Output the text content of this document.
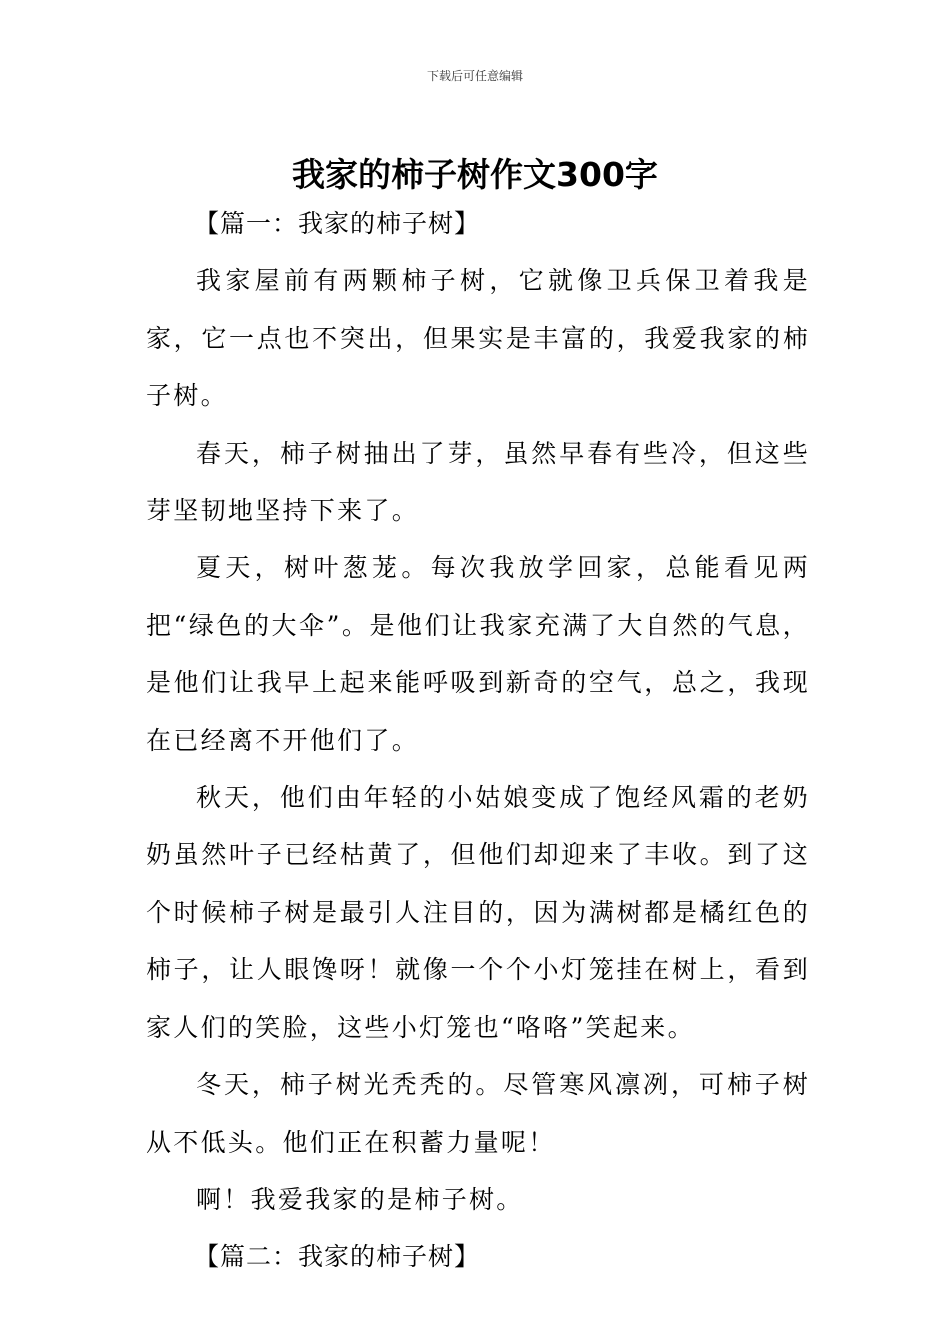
下载后可任意编辑
我家的柿子树作文300字

【篇一：我家的柿子树】

我家屋前有两颗柿子树，它就像卫兵保卫着我是家，它一点也不突出，但果实是丰富的，我爱我家的柿子树。

春天，柿子树抽出了芽，虽然早春有些冷，但这些芽坚韧地坚持下来了。

夏天，树叶葱茏。每次我放学回家，总能看见两把“绿色的大伞”。是他们让我家充满了大自然的气息，是他们让我早上起来能呼吸到新奇的空气，总之，我现在已经离不开他们了。

秋天，他们由年轻的小姑娘变成了饱经风霜的老奶奶虽然叶子已经枯黄了，但他们却迎来了丰收。到了这个时候柿子树是最引人注目的，因为满树都是橘红色的柿子，让人眼馋呀！就像一个个小灯笼挂在树上，看到家人们的笑脸，这些小灯笼也“咯咯”笑起来。

冬天，柿子树光秃秃的。尽管寒风凛冽，可柿子树从不低头。他们正在积蓄力量呢！

啊！我爱我家的是柿子树。

【篇二：我家的柿子树】
